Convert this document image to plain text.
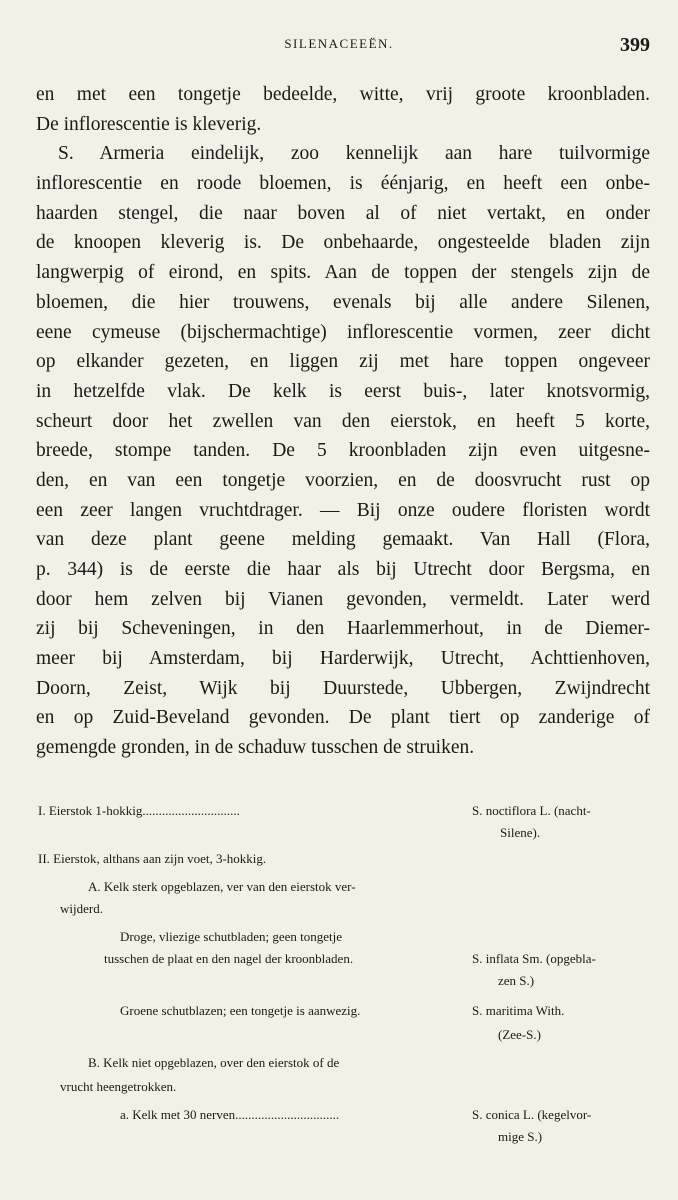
SILENACEEËN.	399
en met een tongetje bedeelde, witte, vrij groote kroonbladen.
De inflorescentie is kleverig.
S. Armeria eindelijk, zoo kennelijk aan hare tuilvormige
inflorescentie en roode bloemen, is éénjarig, en heeft een onbe-
haarden stengel, die naar boven al of niet vertakt, en onder
de knoopen kleverig is. De onbehaarde, ongesteelde bladen zijn
langwerpig of eirond, en spits. Aan de toppen der stengels zijn de
bloemen, die hier trouwens, evenals bij alle andere Silenen,
eene cymeuse (bijschermachtige) inflorescentie vormen, zeer dicht
op elkander gezeten, en liggen zij met hare toppen ongeveer
in hetzelfde vlak. De kelk is eerst buis-, later knotsvormig,
scheurt door het zwellen van den eierstok, en heeft 5 korte,
breede, stompe tanden. De 5 kroonbladen zijn even uitgesne-
den, en van een tongetje voorzien, en de doosvrucht rust op
een zeer langen vruchtdrager. — Bij onze oudere floristen wordt
van deze plant geene melding gemaakt. Van Hall (Flora,
p. 344) is de eerste die haar als bij Utrecht door Bergsma, en
door hem zelven bij Vianen gevonden, vermeldt. Later werd
zij bij Scheveningen, in den Haarlemmerhout, in de Diemer-
meer bij Amsterdam, bij Harderwijk, Utrecht, Achttienhoven,
Doorn, Zeist, Wijk bij Duurstede, Ubbergen, Zwijndrecht
en op Zuid-Beveland gevonden. De plant tiert op zanderige of
gemengde gronden, in de schaduw tusschen de struiken.
I. Eierstok 1-hokkig..............................	S. noctiflora L. (nacht-
Silene).
II. Eierstok, althans aan zijn voet, 3-hokkig.
A. Kelk sterk opgeblazen, ver van den eierstok ver-
wijderd.
Droge, vliezige schutbladen; geen tongetje
tusschen de plaat en den nagel der kroonbladen.	S. inflata Sm. (opgebla-
zen S.)
Groene schutblazen; een tongetje is aanwezig.	S. maritima With.
(Zee-S.)
B. Kelk niet opgeblazen, over den eierstok of de
vrucht heengetrokken.
a. Kelk met 30 nerven................................	S. conica L. (kegelvor-
mige S.)
